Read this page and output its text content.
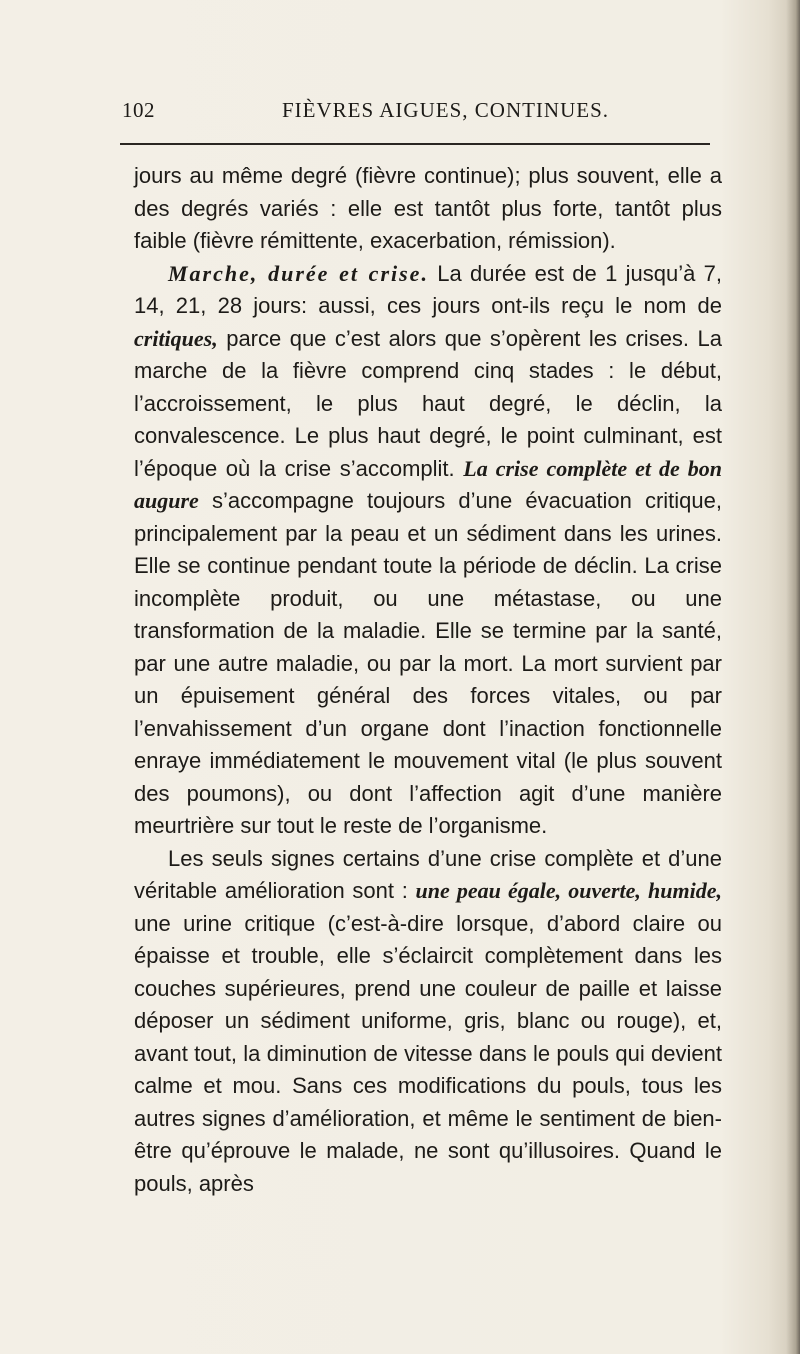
102	FIÈVRES AIGUES, CONTINUES.

jours au même degré (fièvre continue); plus souvent, elle a des degrés variés : elle est tantôt plus forte, tantôt plus faible (fièvre rémittente, exacerbation, rémission).

Marche, durée et crise. La durée est de 1 jusqu’à 7, 14, 21, 28 jours: aussi, ces jours ont-ils reçu le nom de critiques, parce que c’est alors que s’opèrent les crises. La marche de la fièvre comprend cinq stades : le début, l’accroissement, le plus haut degré, le déclin, la convalescence. Le plus haut degré, le point culminant, est l’époque où la crise s’accomplit. La crise complète et de bon augure s’accompagne toujours d’une évacuation critique, principalement par la peau et un sédiment dans les urines. Elle se continue pendant toute la période de déclin. La crise incomplète produit, ou une métastase, ou une transformation de la maladie. Elle se termine par la santé, par une autre maladie, ou par la mort. La mort survient par un épuisement général des forces vitales, ou par l’envahissement d’un organe dont l’inaction fonctionnelle enraye immédiatement le mouvement vital (le plus souvent des poumons), ou dont l’affection agit d’une manière meurtrière sur tout le reste de l’organisme.

Les seuls signes certains d’une crise complète et d’une véritable amélioration sont : une peau égale, ouverte, humide, une urine critique (c’est-à-dire lorsque, d’abord claire ou épaisse et trouble, elle s’éclaircit complètement dans les couches supérieures, prend une couleur de paille et laisse déposer un sédiment uniforme, gris, blanc ou rouge), et, avant tout, la diminution de vitesse dans le pouls qui devient calme et mou. Sans ces modifications du pouls, tous les autres signes d’amélioration, et même le sentiment de bien-être qu’éprouve le malade, ne sont qu’illusoires. Quand le pouls, après
